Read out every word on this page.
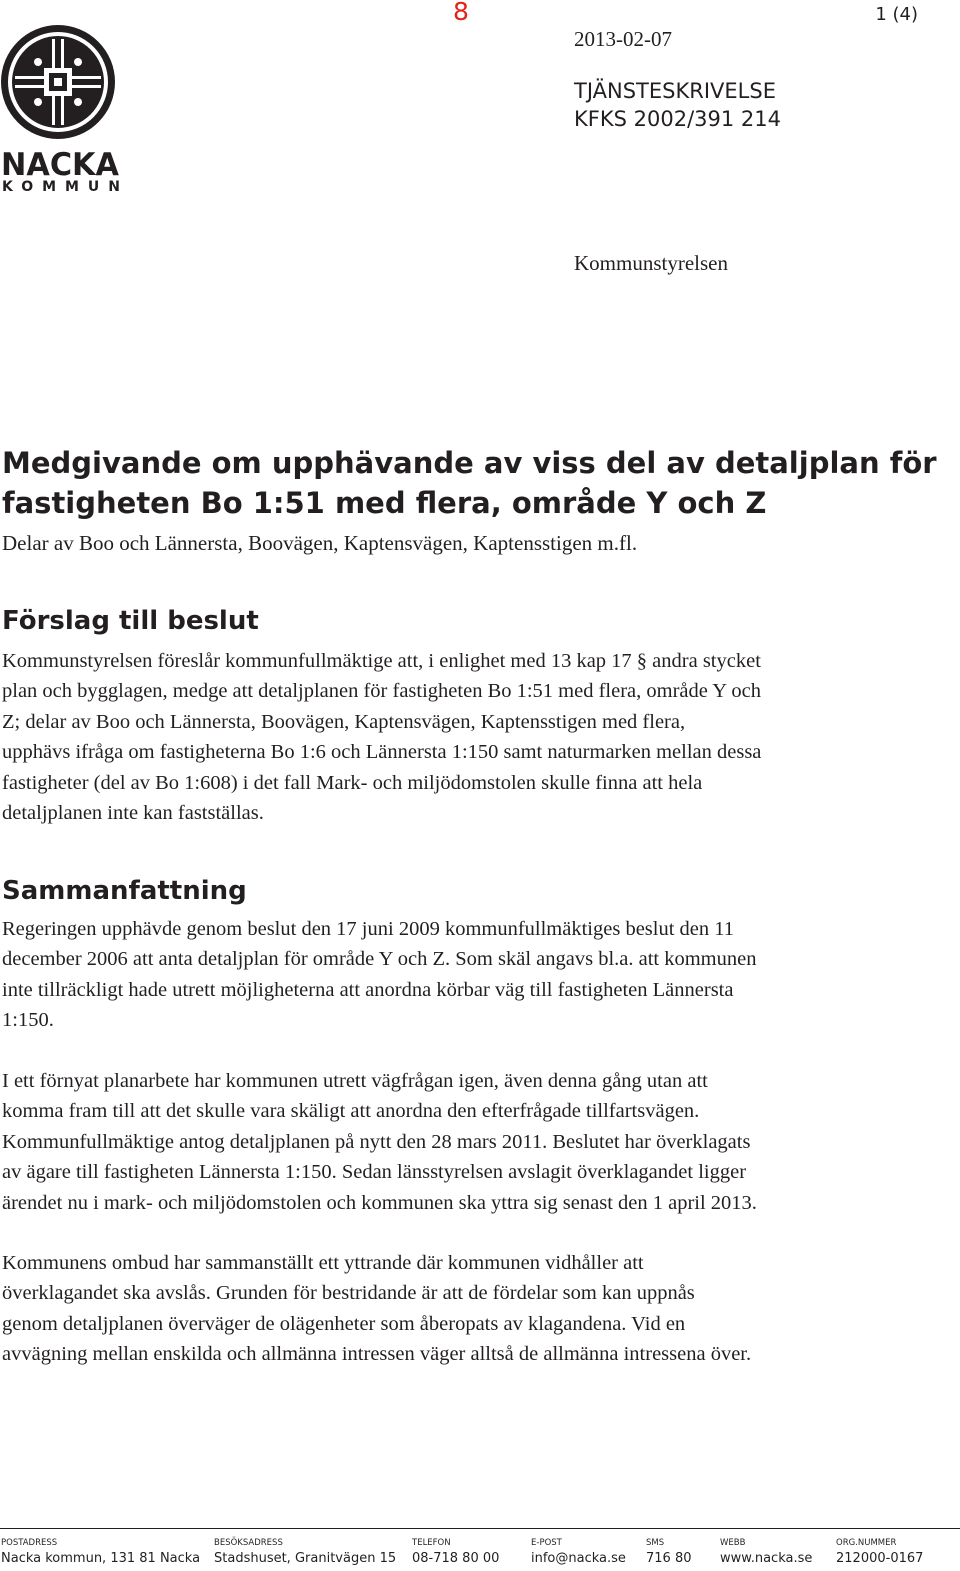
8	1 (4)
2013-02-07
TJÄNSTESKRIVELSE
KFKS 2002/391 214
Kommunstyrelsen
NACKA
KOMMUN
Medgivande om upphävande av viss del av detaljplan för
fastigheten Bo 1:51 med flera, område Y och Z
Delar av Boo och Lännersta, Boovägen, Kaptensvägen, Kaptensstigen m.fl.
Förslag till beslut
Kommunstyrelsen föreslår kommunfullmäktige att, i enlighet med 13 kap 17 § andra stycket
plan och bygglagen, medge att detaljplanen för fastigheten Bo 1:51 med flera, område Y och
Z; delar av Boo och Lännersta, Boovägen, Kaptensvägen, Kaptensstigen med flera,
upphävs ifråga om fastigheterna Bo 1:6 och Lännersta 1:150 samt naturmarken mellan dessa
fastigheter (del av Bo 1:608) i det fall Mark- och miljödomstolen skulle finna att hela
detaljplanen inte kan fastställas.
Sammanfattning
Regeringen upphävde genom beslut den 17 juni 2009 kommunfullmäktiges beslut den 11
december 2006 att anta detaljplan för område Y och Z. Som skäl angavs bl.a. att kommunen
inte tillräckligt hade utrett möjligheterna att anordna körbar väg till fastigheten Lännersta
1:150.
I ett förnyat planarbete har kommunen utrett vägfrågan igen, även denna gång utan att
komma fram till att det skulle vara skäligt att anordna den efterfrågade tillfartsvägen.
Kommunfullmäktige antog detaljplanen på nytt den 28 mars 2011. Beslutet har överklagats
av ägare till fastigheten Lännersta 1:150. Sedan länsstyrelsen avslagit överklagandet ligger
ärendet nu i mark- och miljödomstolen och kommunen ska yttra sig senast den 1 april 2013.
Kommunens ombud har sammanställt ett yttrande där kommunen vidhåller att
överklagandet ska avslås. Grunden för bestridande är att de fördelar som kan uppnås
genom detaljplanen överväger de olägenheter som åberopats av klagandena. Vid en
avvägning mellan enskilda och allmänna intressen väger alltså de allmänna intressena över.
POSTADRESS
Nacka kommun, 131 81 Nacka
BESÖKSADRESS
Stadshuset, Granitvägen 15
TELEFON
08-718 80 00
E-POST
info@nacka.se
SMS
716 80
WEBB
www.nacka.se
ORG.NUMMER
212000-0167
